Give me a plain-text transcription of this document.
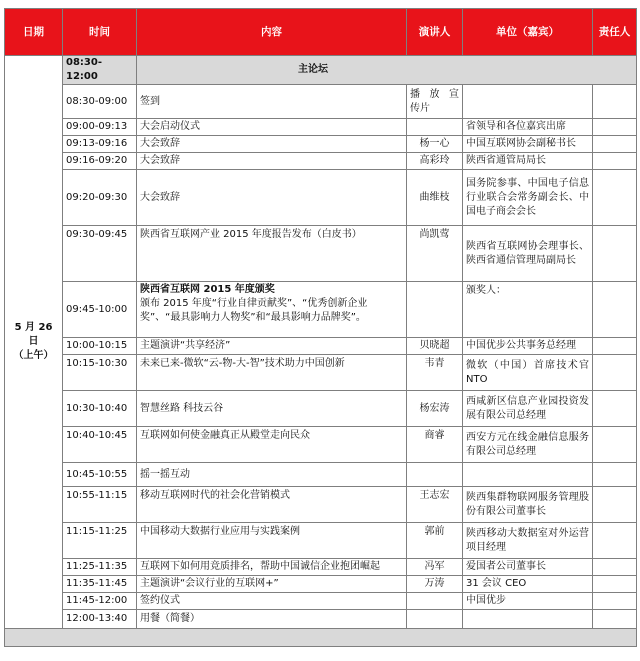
日期	时间	内容	演讲人	单位（嘉宾）	责任人
5 月 26 日
（上午）	08:30-12:00	主论坛			
	08:30-09:00	签到	播 放 宣 传片		
	09:00-09:13	大会启动仪式		省领导和各位嘉宾出席	
	09:13-09:16	大会致辞	杨一心	中国互联网协会副秘书长	
	09:16-09:20	大会致辞	高彩玲	陕西省通管局局长	
	09:20-09:30	大会致辞	曲维枝	国务院参事、中国电子信息行业联合会常务副会长、中国电子商会会长	
	09:30-09:45	陕西省互联网产业 2015 年度报告发布（白皮书）	尚凯莺	陕西省互联网协会理事长、陕西省通信管理局副局长	
	09:45-10:00	陕西省互联网 2015 年度颁奖
颁布 2015 年度“行业自律贡献奖”、“优秀创新企业奖”、“最具影响力人物奖”和“最具影响力品牌奖”。		颁奖人：	
	10:00-10:15	主题演讲“共享经济”	贝晓超	中国优步公共事务总经理	
	10:15-10:30	未来已来-微软“云-物-大-智”技术助力中国创新	韦青	微软（中国）首席技术官 NTO	
	10:30-10:40	智慧丝路 科技云谷	杨宏涛	西咸新区信息产业园投资发展有限公司总经理	
	10:40-10:45	互联网如何使金融真正从殿堂走向民众	商睿	西安方元在线金融信息服务有限公司总经理	
	10:45-10:55	摇一摇互动			
	10:55-11:15	移动互联网时代的社会化营销模式	王志宏	陕西集群物联网服务管理股份有限公司董事长	
	11:15-11:25	中国移动大数据行业应用与实践案例	郭前	陕西移动大数据室对外运营项目经理	
	11:25-11:35	互联网下如何用竞质排名，帮助中国诚信企业抱团崛起	冯军	爱国者公司董事长	
	11:35-11:45	主题演讲“会议行业的互联网+”	万涛	31 会议 CEO	
	11:45-12:00	签约仪式		中国优步	
	12:00-13:40	用餐（简餐）			
